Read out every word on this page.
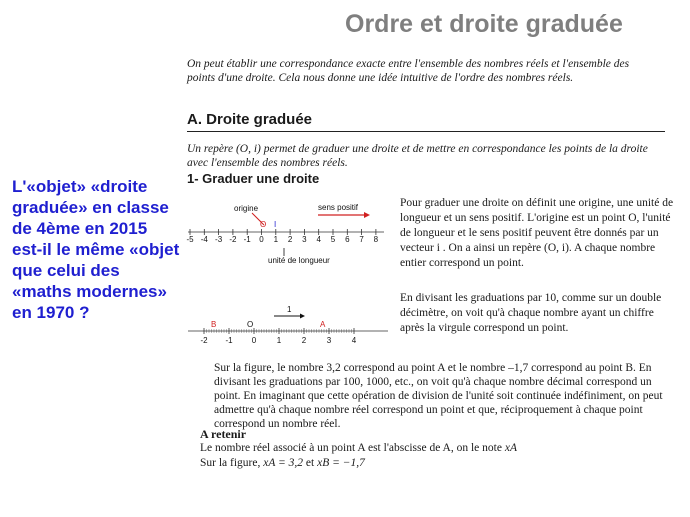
Ordre et droite graduée
On peut établir une correspondance exacte entre l'ensemble des nombres réels et l'ensemble des points d'une droite. Cela nous donne une idée intuitive de l'ordre des nombres réels.
A. Droite graduée
Un repère (O, i) permet de graduer une droite et de mettre en correspondance les points de la droite avec l'ensemble des nombres réels.
1- Graduer une droite
L'«objet» «droite graduée» en classe de 4ème en 2015 est-il le même «objet que celui des «maths modernes» en 1970 ?
origine	sens positif
O I
-5 -4 -3 -2 -1 0 1 2 3 4 5 6 7 8
unité de longueur
1
B	O	A
-2 -1 0	1	2	3	4
Pour graduer une droite on définit une origine, une unité de longueur et un sens positif. L'origine est un point O, l'unité de longueur et le sens positif peuvent être donnés par un vecteur i . On a ainsi un repère (O, i). A chaque nombre entier correspond un point.
En divisant les graduations par 10, comme sur un double décimètre, on voit qu'à chaque nombre ayant un chiffre après la virgule correspond un point.
Sur la figure, le nombre 3,2 correspond au point A et le nombre –1,7 correspond au point B. En divisant les graduations par 100, 1000, etc., on voit qu'à chaque nombre décimal correspond un point. En imaginant que cette opération de division de l'unité soit continuée indéfiniment, on peut admettre qu'à chaque nombre réel correspond un point et que, réciproquement à chaque point correspond un nombre réel.
A retenir
Le nombre réel associé à un point A est l'abscisse de A, on le note xA
Sur la figure, xA = 3,2 et xB = −1,7
